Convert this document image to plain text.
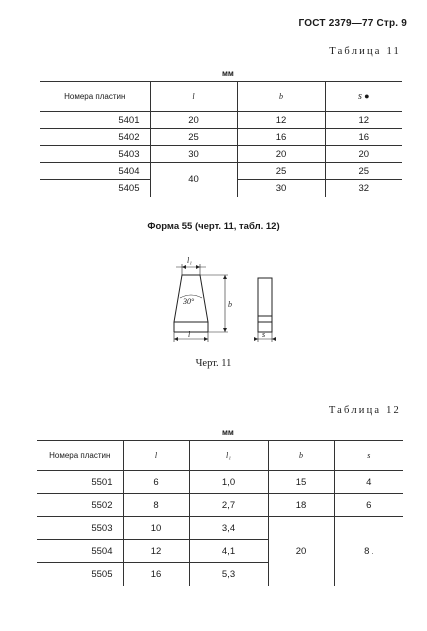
ГОСТ 2379—77 Стр. 9
Таблица 11
мм
Номера пластин	l	b	s ●
5401	20	12	12
5402	25	16	16
5403	30	20	20
5404	40	25	25
5405		30	32
Форма 55 (черт. 11, табл. 12)
l₁
30°	b
l	s
Черт. 11
Таблица 12
мм
Номера пластин	l	l₁	b	s
5501	6	1,0	15	4
5502	8	2,7	18	6
5503	10	3,4	20	8 .
5504	12	4,1		
5505	16	5,3		
